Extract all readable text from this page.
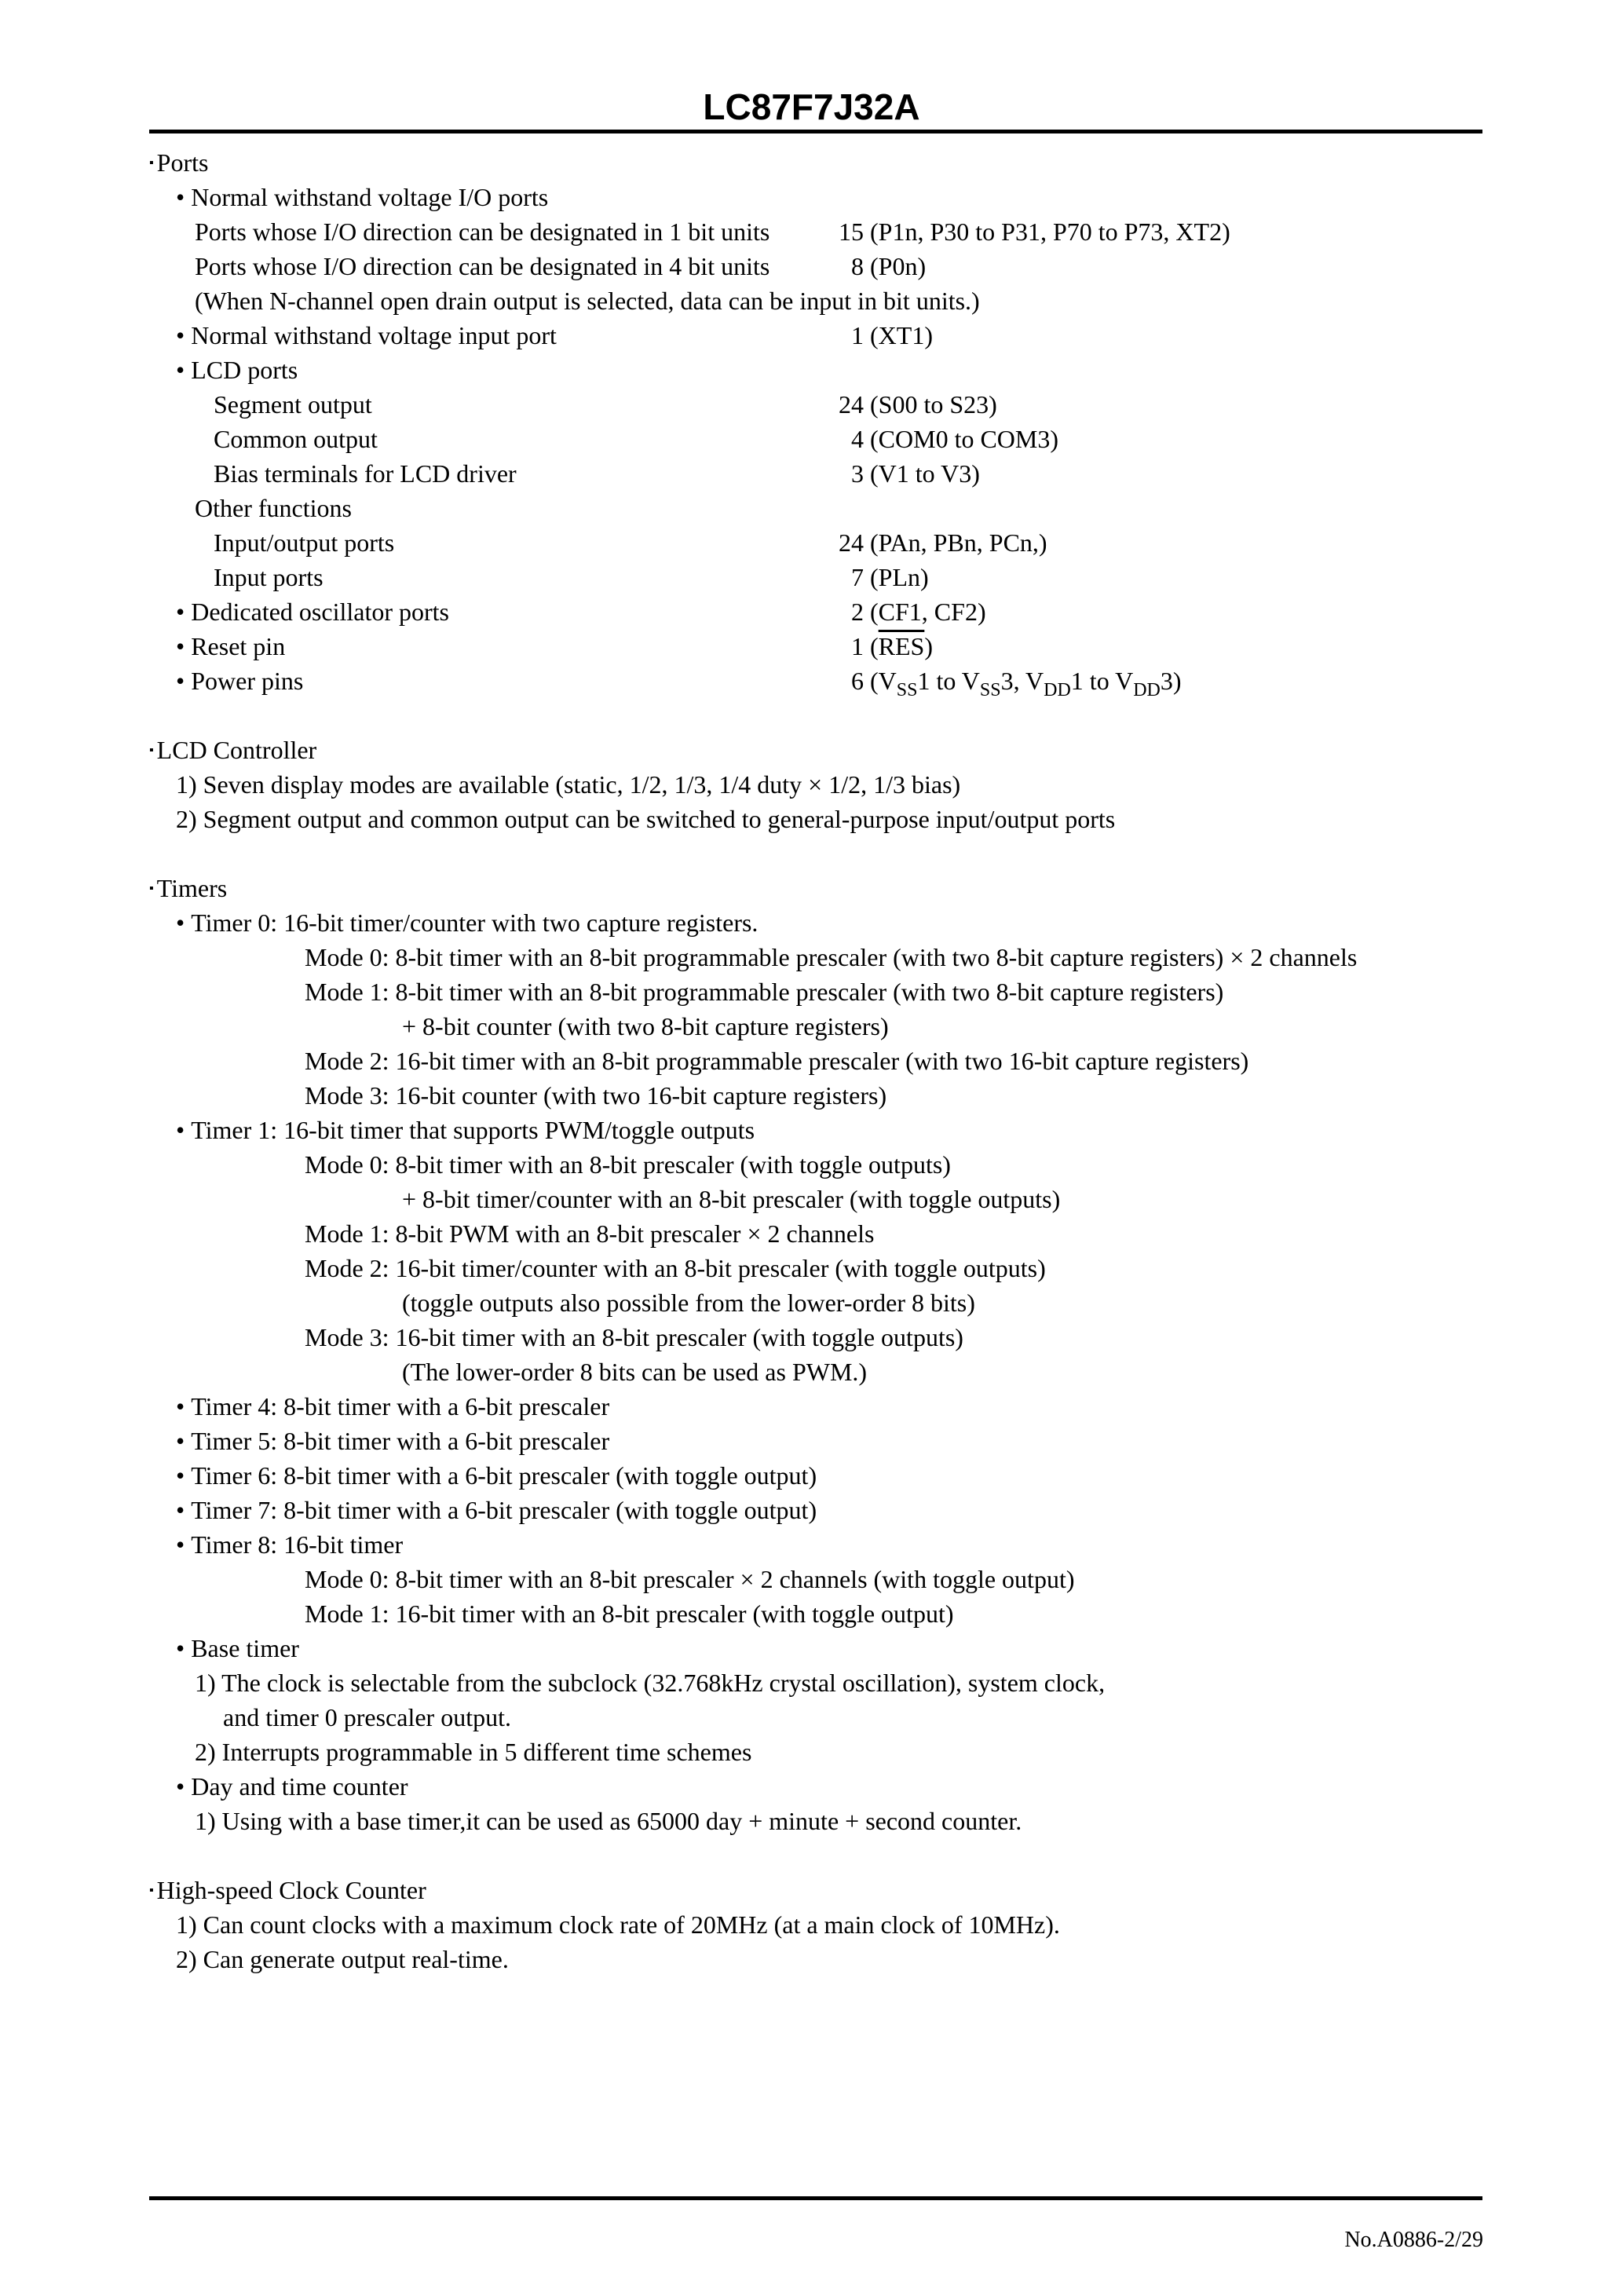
LC87F7J32A
▪ Ports
• Normal withstand voltage I/O ports
Ports whose I/O direction can be designated in 1 bit units	15 (P1n, P30 to P31, P70 to P73, XT2)
Ports whose I/O direction can be designated in 4 bit units	8 (P0n)
(When N-channel open drain output is selected, data can be input in bit units.)
• Normal withstand voltage input port	1 (XT1)
• LCD ports
Segment output	24 (S00 to S23)
Common output	4 (COM0 to COM3)
Bias terminals for LCD driver	3 (V1 to V3)
Other functions
Input/output ports	24 (PAn, PBn, PCn,)
Input ports	7 (PLn)
• Dedicated oscillator ports	2 (CF1, CF2)
• Reset pin	1 $(\overline{RES})$
• Power pins	6 ($V_{SS}1$ to $V_{SS}3$, $V_{DD}1$ to $V_{DD}3$)
▪ LCD Controller
1) Seven display modes are available (static, 1/2, 1/3, 1/4 duty × 1/2, 1/3 bias)
2) Segment output and common output can be switched to general-purpose input/output ports
▪ Timers
• Timer 0: 16-bit timer/counter with two capture registers.
Mode 0: 8-bit timer with an 8-bit programmable prescaler (with two 8-bit capture registers) × 2 channels
Mode 1: 8-bit timer with an 8-bit programmable prescaler (with two 8-bit capture registers)
+ 8-bit counter (with two 8-bit capture registers)
Mode 2: 16-bit timer with an 8-bit programmable prescaler (with two 16-bit capture registers)
Mode 3: 16-bit counter (with two 16-bit capture registers)
• Timer 1: 16-bit timer that supports PWM/toggle outputs
Mode 0: 8-bit timer with an 8-bit prescaler (with toggle outputs)
+ 8-bit timer/counter with an 8-bit prescaler (with toggle outputs)
Mode 1: 8-bit PWM with an 8-bit prescaler × 2 channels
Mode 2: 16-bit timer/counter with an 8-bit prescaler (with toggle outputs)
(toggle outputs also possible from the lower-order 8 bits)
Mode 3: 16-bit timer with an 8-bit prescaler (with toggle outputs)
(The lower-order 8 bits can be used as PWM.)
• Timer 4: 8-bit timer with a 6-bit prescaler
• Timer 5: 8-bit timer with a 6-bit prescaler
• Timer 6: 8-bit timer with a 6-bit prescaler (with toggle output)
• Timer 7: 8-bit timer with a 6-bit prescaler (with toggle output)
• Timer 8: 16-bit timer
Mode 0: 8-bit timer with an 8-bit prescaler × 2 channels (with toggle output)
Mode 1: 16-bit timer with an 8-bit prescaler (with toggle output)
• Base timer
1) The clock is selectable from the subclock (32.768kHz crystal oscillation), system clock,
and timer 0 prescaler output.
2) Interrupts programmable in 5 different time schemes
• Day and time counter
1) Using with a base timer,it can be used as 65000 day + minute + second counter.
▪ High-speed Clock Counter
1) Can count clocks with a maximum clock rate of 20MHz (at a main clock of 10MHz).
2) Can generate output real-time.
No.A0886-2/29
